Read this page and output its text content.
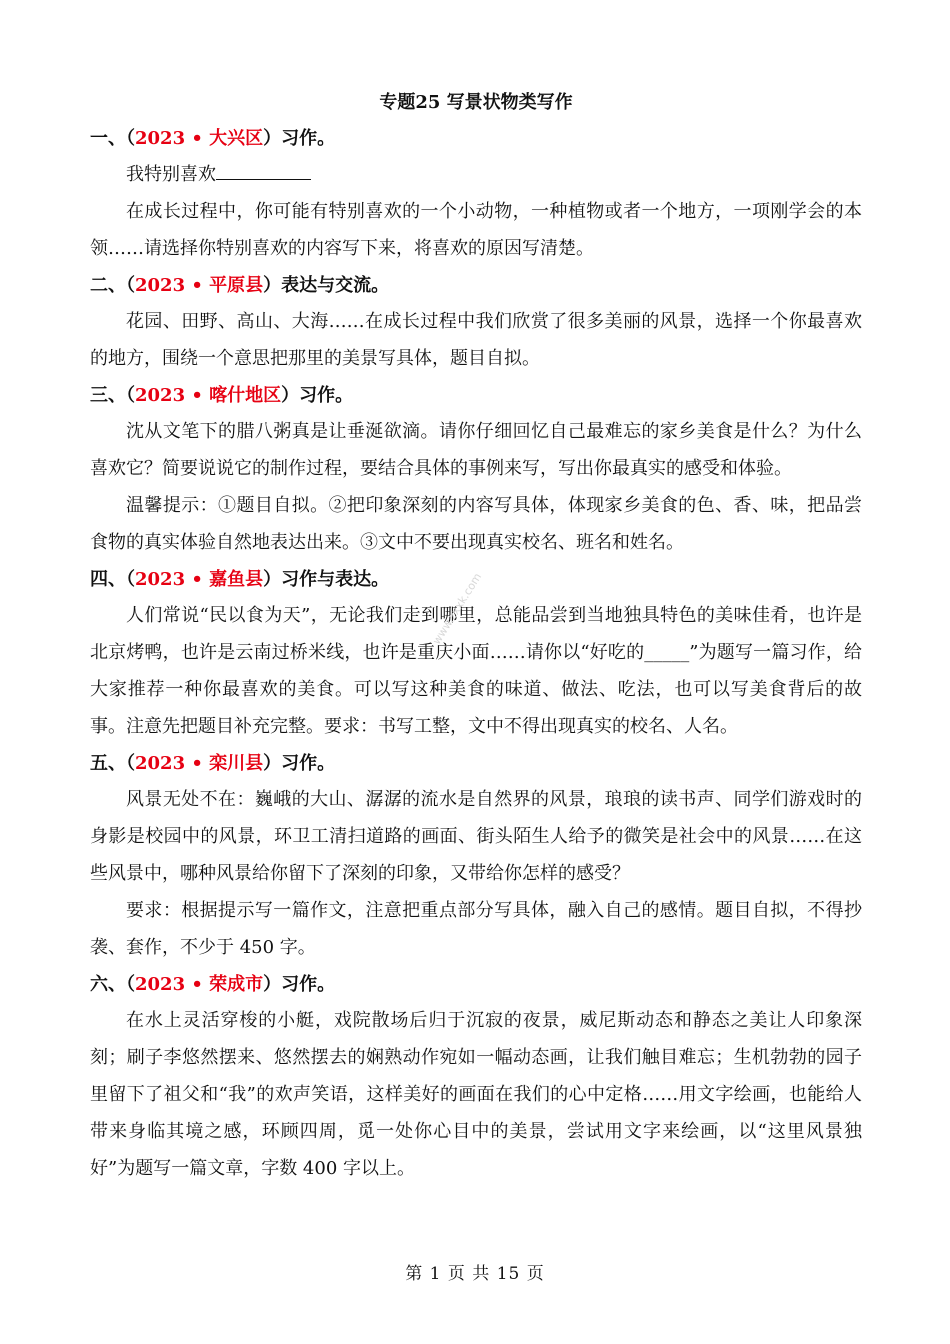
专题25 写景状物类写作

一、（2023 • 大兴区）习作。

我特别喜欢

在成长过程中，你可能有特别喜欢的一个小动物，一种植物或者一个地方，一项刚学会的本领……请选择你特别喜欢的内容写下来，将喜欢的原因写清楚。

二、（2023 • 平原县）表达与交流。

花园、田野、高山、大海……在成长过程中我们欣赏了很多美丽的风景，选择一个你最喜欢的地方，围绕一个意思把那里的美景写具体，题目自拟。

三、（2023 • 喀什地区）习作。

沈从文笔下的腊八粥真是让垂涎欲滴。请你仔细回忆自己最难忘的家乡美食是什么？为什么喜欢它？简要说说它的制作过程，要结合具体的事例来写，写出你最真实的感受和体验。

温馨提示：①题目自拟。②把印象深刻的内容写具体，体现家乡美食的色、香、味，把品尝食物的真实体验自然地表达出来。③文中不要出现真实校名、班名和姓名。

四、（2023 • 嘉鱼县）习作与表达。

人们常说“民以食为天”，无论我们走到哪里，总能品尝到当地独具特色的美味佳肴，也许是北京烤鸭，也许是云南过桥米线，也许是重庆小面……请你以“好吃的_____”为题写一篇习作，给大家推荐一种你最喜欢的美食。可以写这种美食的味道、做法、吃法，也可以写美食背后的故事。注意先把题目补充完整。要求：书写工整，文中不得出现真实的校名、人名。

五、（2023 • 栾川县）习作。

风景无处不在：巍峨的大山、潺潺的流水是自然界的风景，琅琅的读书声、同学们游戏时的身影是校园中的风景，环卫工清扫道路的画面、街头陌生人给予的微笑是社会中的风景……在这些风景中，哪种风景给你留下了深刻的印象，又带给你怎样的感受？

要求：根据提示写一篇作文，注意把重点部分写具体，融入自己的感情。题目自拟，不得抄袭、套作，不少于 450 字。

六、（2023 • 荣成市）习作。

在水上灵活穿梭的小艇，戏院散场后归于沉寂的夜景，威尼斯动态和静态之美让人印象深刻；刷子李悠然摆来、悠然摆去的娴熟动作宛如一幅动态画，让我们触目难忘；生机勃勃的园子里留下了祖父和“我”的欢声笑语，这样美好的画面在我们的心中定格……用文字绘画，也能给人带来身临其境之感，环顾四周，觅一处你心目中的美景，尝试用文字来绘画，以“这里风景独好”为题写一篇文章，字数 400 字以上。

www.zxxk.com
第 1 页 共 15 页
